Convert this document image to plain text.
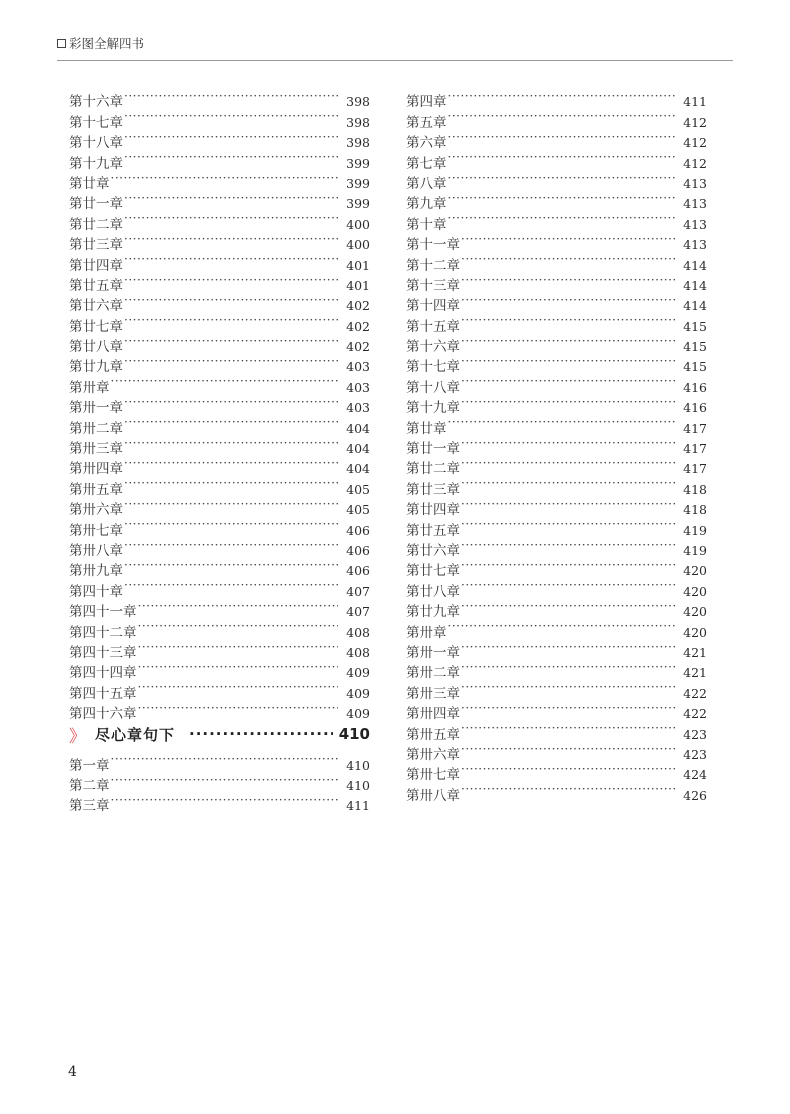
彩图全解四书
第十六章 ·····	398
第十七章 ·····	398
第十八章 ·····	398
第十九章 ·····	399
第廿章 ·····	399
第廿一章 ·····	399
第廿二章 ·····	400
第廿三章 ·····	400
第廿四章 ·····	401
第廿五章 ·····	401
第廿六章 ·····	402
第廿七章 ·····	402
第廿八章 ·····	402
第廿九章 ·····	403
第卅章 ·····	403
第卅一章 ·····	403
第卅二章 ·····	404
第卅三章 ·····	404
第卅四章 ·····	404
第卅五章 ·····	405
第卅六章 ·····	405
第卅七章 ·····	406
第卅八章 ·····	406
第卅九章 ·····	406
第四十章 ·····	407
第四十一章 ·····	407
第四十二章 ·····	408
第四十三章 ·····	408
第四十四章 ·····	409
第四十五章 ·····	409
第四十六章 ·····	409
》 尽心章句下 ·····	410
第一章 ·····	410
第二章 ·····	410
第三章 ·····	411
第四章 ·····	411
第五章 ·····	412
第六章 ·····	412
第七章 ·····	412
第八章 ·····	413
第九章 ·····	413
第十章 ·····	413
第十一章 ·····	413
第十二章 ·····	414
第十三章 ·····	414
第十四章 ·····	414
第十五章 ·····	415
第十六章 ·····	415
第十七章 ·····	415
第十八章 ·····	416
第十九章 ·····	416
第廿章 ·····	417
第廿一章 ·····	417
第廿二章 ·····	417
第廿三章 ·····	418
第廿四章 ·····	418
第廿五章 ·····	419
第廿六章 ·····	419
第廿七章 ·····	420
第廿八章 ·····	420
第廿九章 ·····	420
第卅章 ·····	420
第卅一章 ·····	421
第卅二章 ·····	421
第卅三章 ·····	422
第卅四章 ·····	422
第卅五章 ·····	423
第卅六章 ·····	423
第卅七章 ·····	424
第卅八章 ·····	426
4
